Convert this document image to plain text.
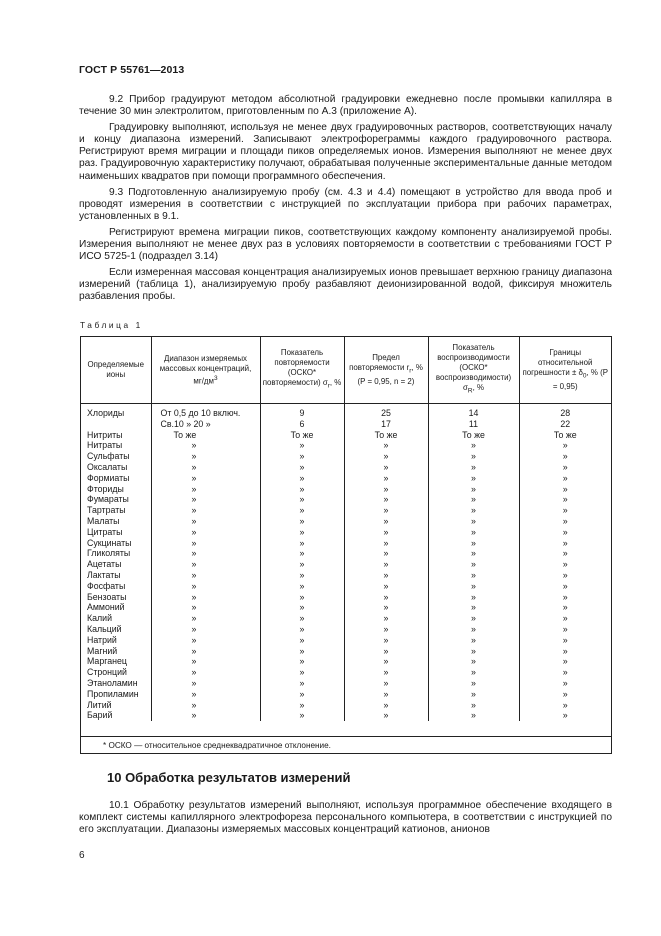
ГОСТ Р 55761—2013

9.2 Прибор градуируют методом абсолютной градуировки ежедневно после промывки капилляра в течение 30 мин электролитом, приготовленным по А.3 (приложение А).

Градуировку выполняют, используя не менее двух градуировочных растворов, соответствующих началу и концу диапазона измерений. Записывают электрофореграммы каждого градуировочного раствора. Регистрируют время миграции и площади пиков определяемых ионов. Измерения выполняют не менее двух раз. Градуировочную характеристику получают, обрабатывая полученные экспериментальные данные методом наименьших квадратов при помощи программного обеспечения.

9.3 Подготовленную анализируемую пробу (см. 4.3 и 4.4) помещают в устройство для ввода проб и проводят измерения в соответствии с инструкцией по эксплуатации прибора при рабочих параметрах, установленных в 9.1.

Регистрируют времена миграции пиков, соответствующих каждому компоненту анализируемой пробы. Измерения выполняют не менее двух раз в условиях повторяемости в соответствии с требованиями ГОСТ Р ИСО 5725-1 (подраздел 3.14)

Если измеренная массовая концентрация анализируемых ионов превышает верхнюю границу диапазона измерений (таблица 1), анализируемую пробу разбавляют деионизированной водой, фиксируя множитель разбавления пробы.

Таблица 1
Определяемые ионы	Диапазон измеряемых массовых концентраций, $мг/дм^3$	Показатель повторяемости (ОСКО* повторяемости) $\sigma_r$, %	Предел повторяемости $r_r$, % (P = 0,95, n = 2)	Показатель воспроизводимости (ОСКО* воспроизводимости) $\sigma_R$, %	Границы относительной погрешности ± $\delta_0$, % (P = 0,95)

Хлориды	От 0,5 до 10 включ.	9	25	14	28
	Св.10 » 20 »	6	17	11	22
Нитриты	То же	То же	То же	То же	То же
Нитраты	»	»	»	»	»
Сульфаты	»	»	»	»	»
Оксалаты	»	»	»	»	»
Формиаты	»	»	»	»	»
Фториды	»	»	»	»	»
Фумараты	»	»	»	»	»
Тартраты	»	»	»	»	»
Малаты	»	»	»	»	»
Цитраты	»	»	»	»	»
Сукцинаты	»	»	»	»	»
Гликоляты	»	»	»	»	»
Ацетаты	»	»	»	»	»
Лактаты	»	»	»	»	»
Фосфаты	»	»	»	»	»
Бензоаты	»	»	»	»	»
Аммоний	»	»	»	»	»
Калий	»	»	»	»	»
Кальций	»	»	»	»	»
Натрий	»	»	»	»	»
Магний	»	»	»	»	»
Марганец	»	»	»	»	»
Стронций	»	»	»	»	»
Этаноламин	»	»	»	»	»
Пропиламин	»	»	»	»	»
Литий	»	»	»	»	»
Барий	»	»	»	»	»
* ОСКО — относительное среднеквадратичное отклонение.
10 Обработка результатов измерений

10.1 Обработку результатов измерений выполняют, используя программное обеспечение входящего в комплект системы капиллярного электрофореза персонального компьютера, в соответствии с инструкцией по его эксплуатации. Диапазоны измеряемых массовых концентраций катионов, анионов

6
